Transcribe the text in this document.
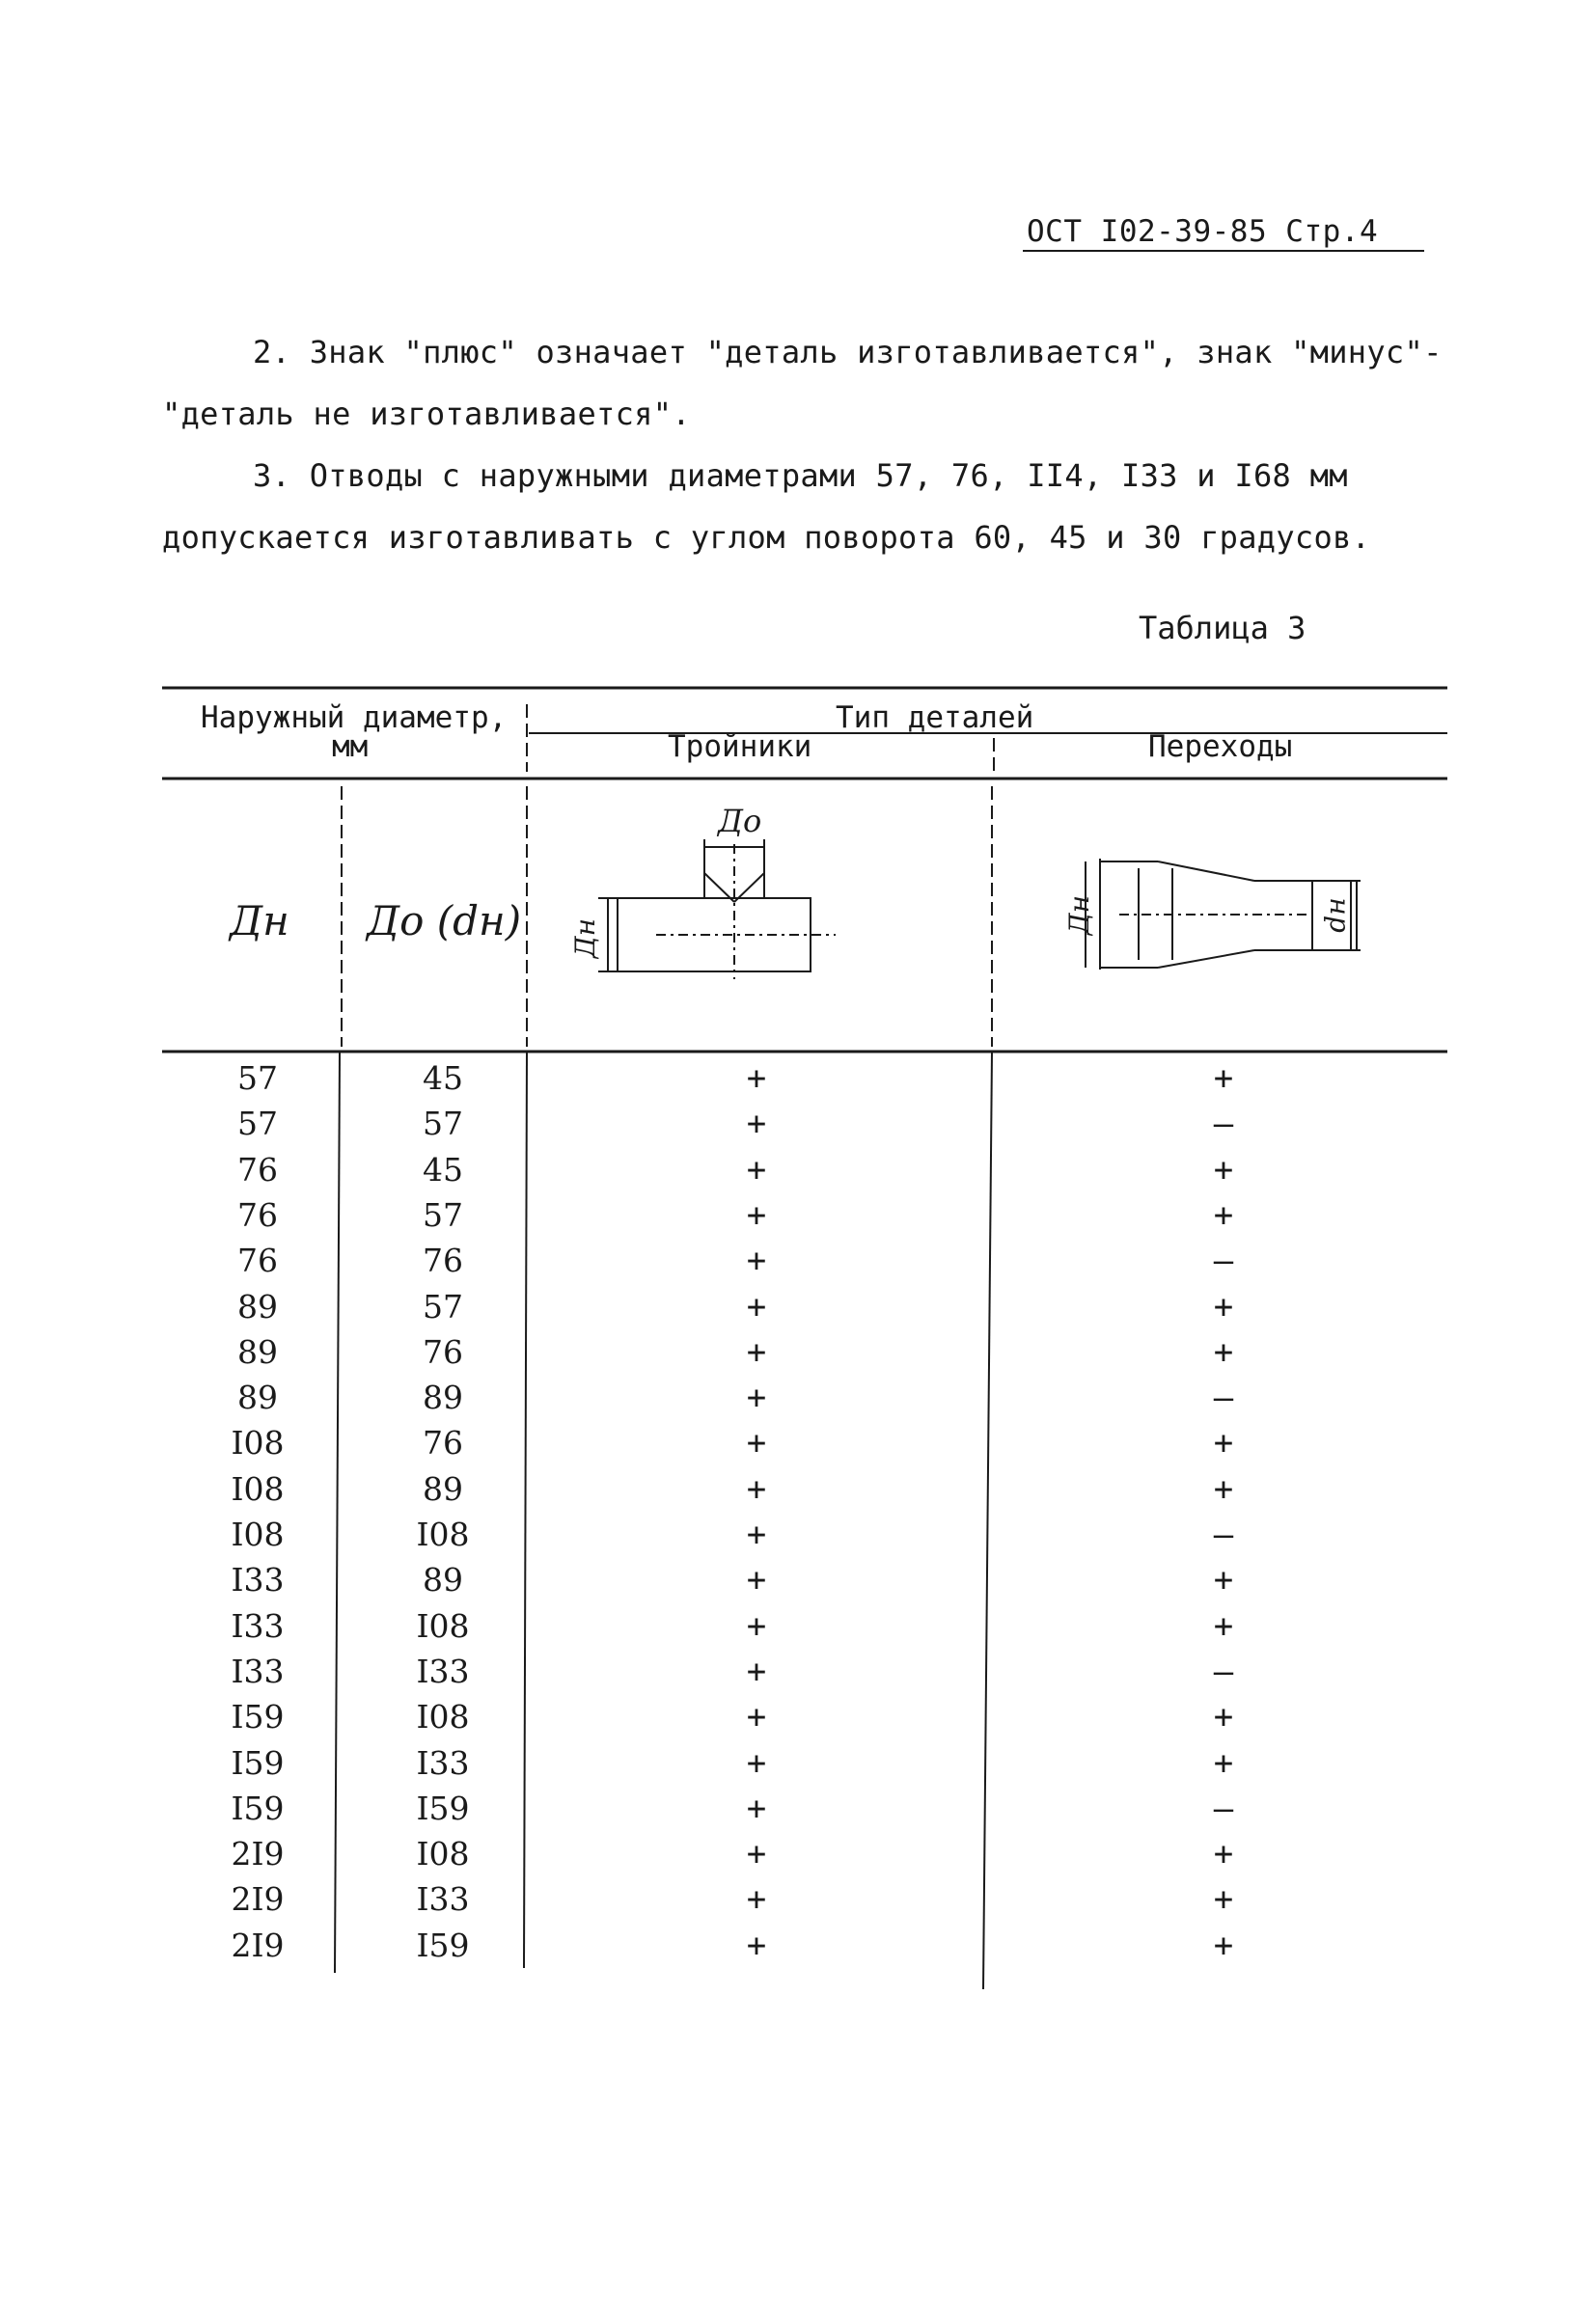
ОСТ I02-39-85 Стр.4
2. Знак "плюс" означает "деталь изготавливается", знак "минус"-
"деталь не изготавливается".
3. Отводы с наружными диаметрами 57, 76, II4, I33 и I68 мм
допускается изготавливать с углом поворота 60, 45 и 30 градусов.
Таблица 3
Наружный диаметр,
мм
Тип деталей
Тройники	Переходы
Дн До (dн)
До
Дн
Дн	dн
57	45	+	+
57	57	+	–
76	45	+	+
76	57	+	+
76	76	+	–
89	57	+	+
89	76	+	+
89	89	+	–
I08	76	+	+
I08	89	+	+
I08	I08	+	–
I33	89	+	+
I33	I08	+	+
I33	I33	+	–
I59	I08	+	+
I59	I33	+	+
I59	I59	+	–
2I9	I08	+	+
2I9	I33	+	+
2I9	I59	+	+
